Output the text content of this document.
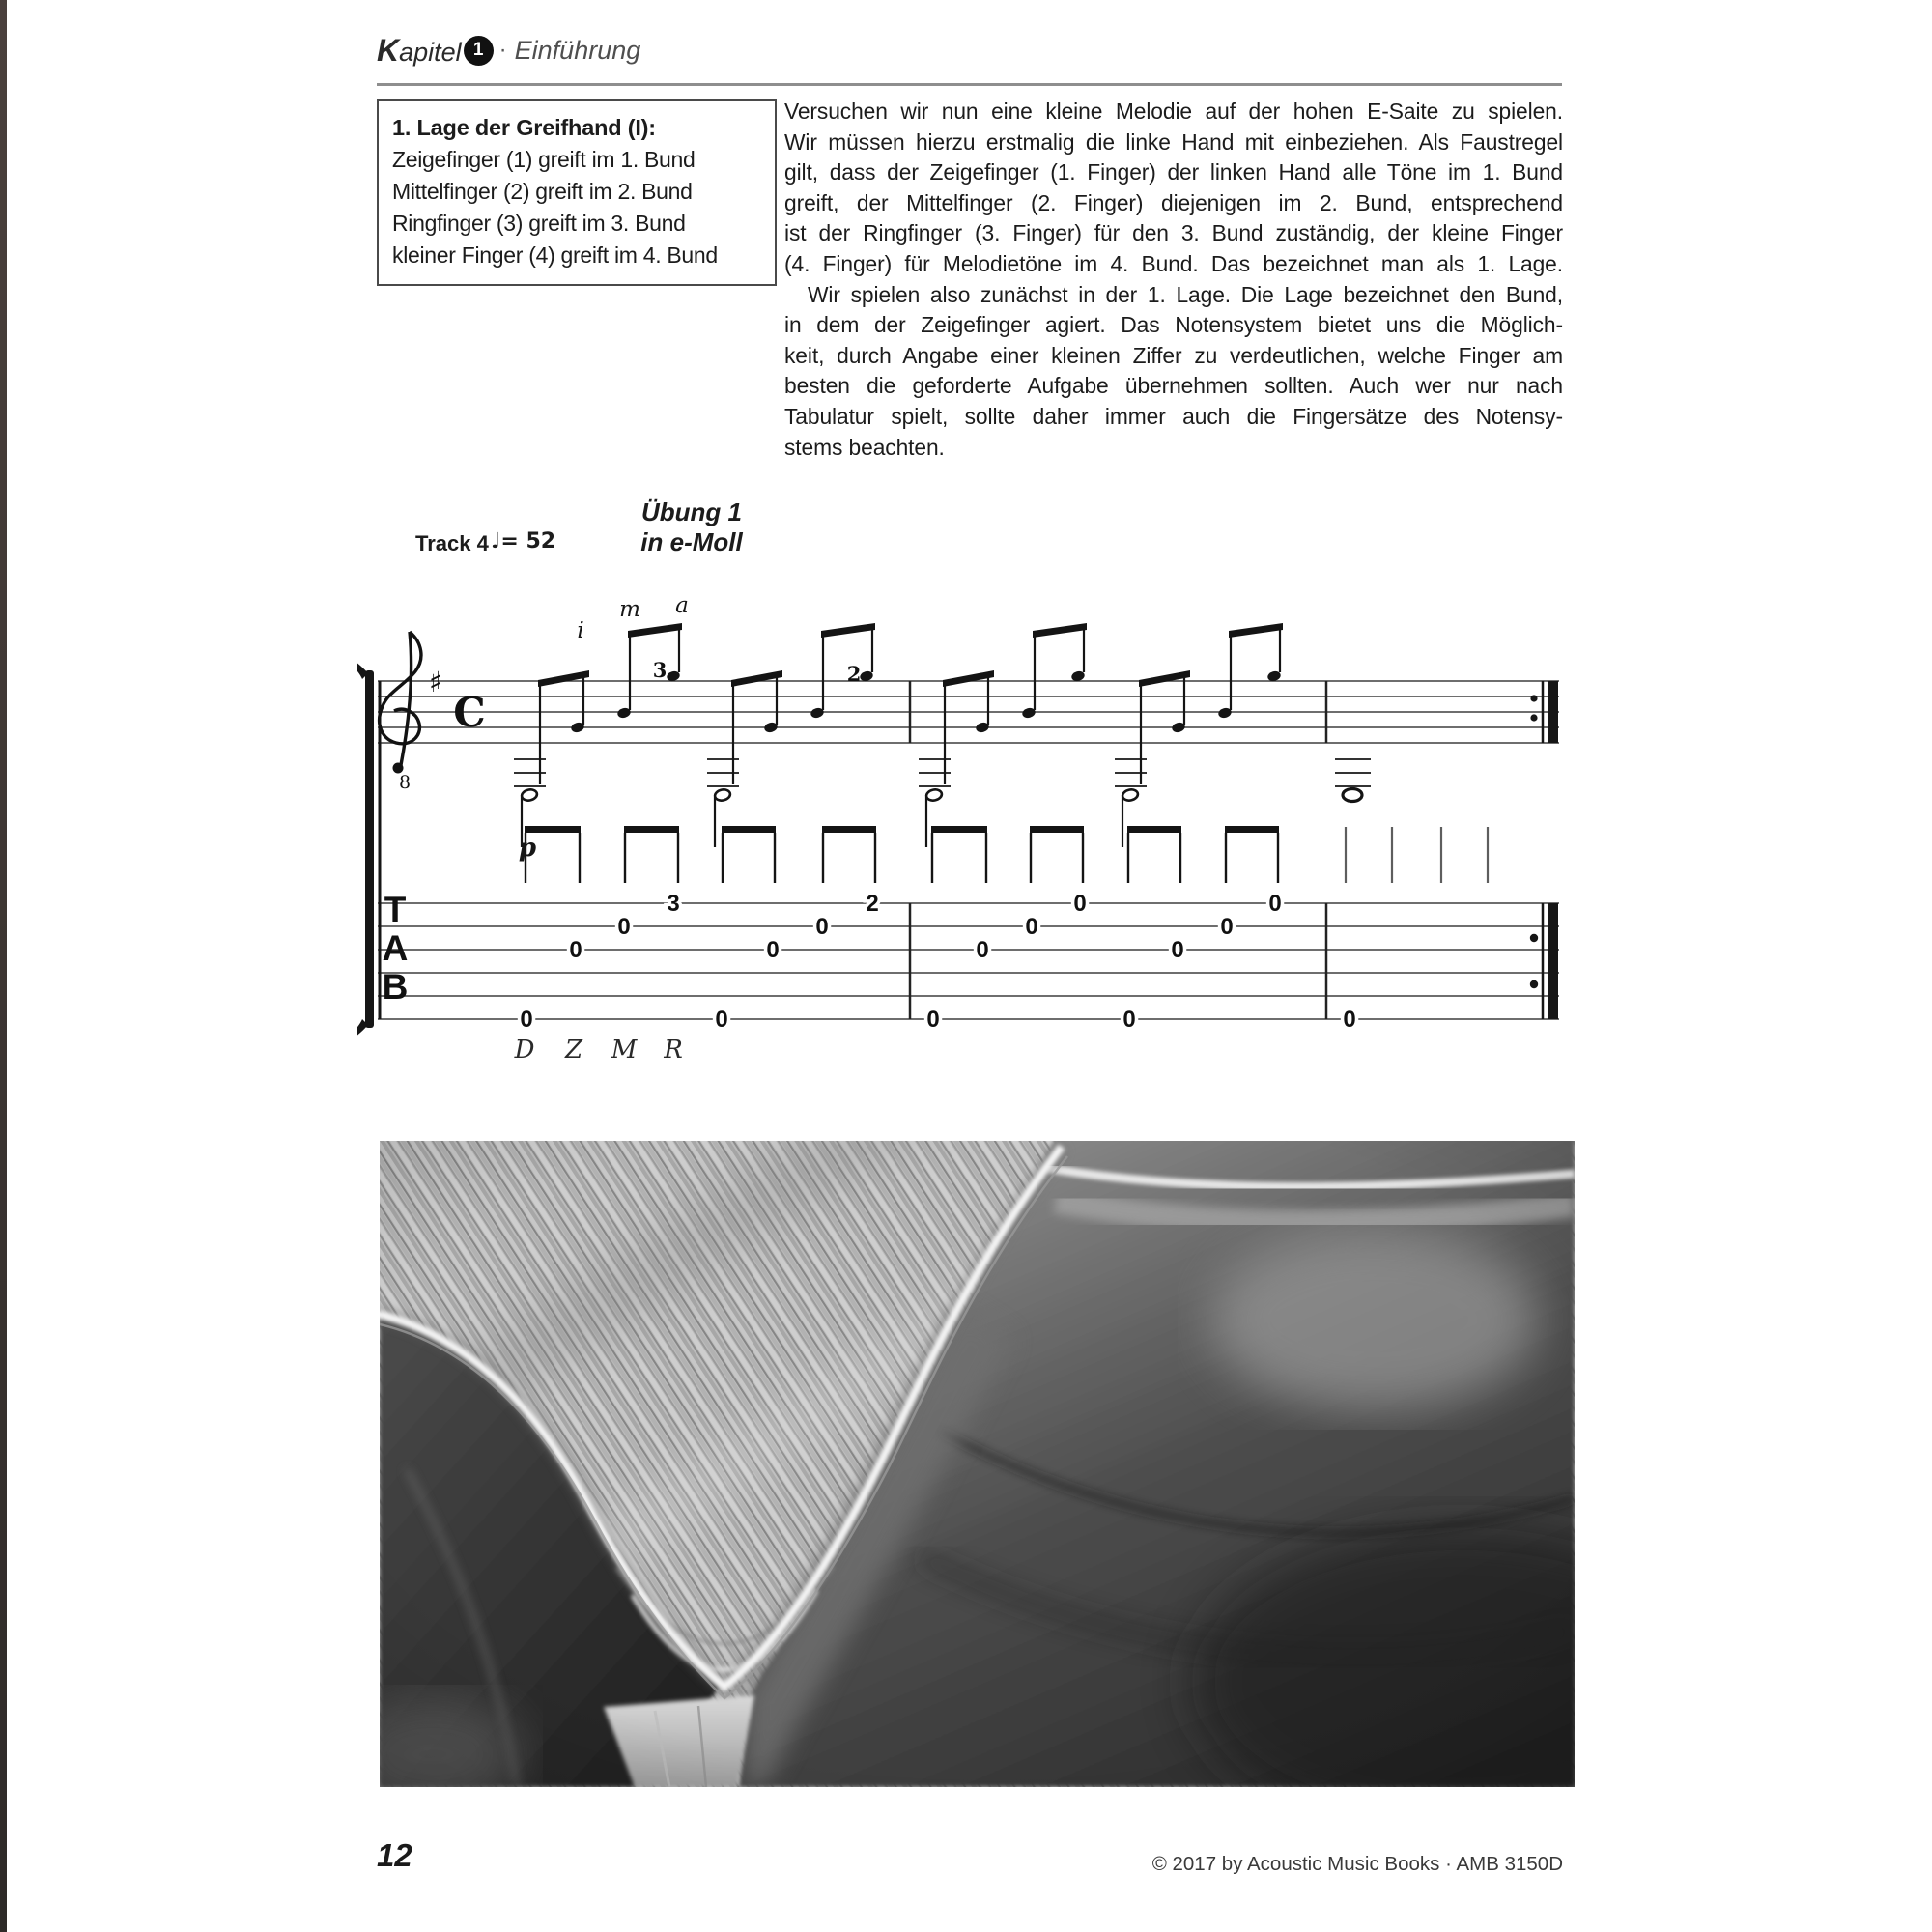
Kapitel 1 · Einführung
1. Lage der Greifhand (I):
Zeigefinger (1) greift im 1. Bund
Mittelfinger (2) greift im 2. Bund
Ringfinger (3) greift im 3. Bund
kleiner Finger (4) greift im 4. Bund
Versuchen wir nun eine kleine Melodie auf der hohen E-Saite zu spielen.
Wir müssen hierzu erstmalig die linke Hand mit einbeziehen. Als Faustregel
gilt, dass der Zeigefinger (1. Finger) der linken Hand alle Töne im 1. Bund
greift, der Mittelfinger (2. Finger) diejenigen im 2. Bund, entsprechend
ist der Ringfinger (3. Finger) für den 3. Bund zuständig, der kleine Finger
(4. Finger) für Melodietöne im 4. Bund. Das bezeichnet man als 1. Lage.
Wir spielen also zunächst in der 1. Lage. Die Lage bezeichnet den Bund,
in dem der Zeigefinger agiert. Das Notensystem bietet uns die Möglich-
keit, durch Angabe einer kleinen Ziffer zu verdeutlichen, welche Finger am
besten die geforderte Aufgabe übernehmen sollten. Auch wer nur nach
Tabulatur spielt, sollte daher immer auch die Fingersätze des Notensy-
stems beachten.
Track 4 ♩= 52
Übung 1
in e-Moll
0
0
0
3
0
0
0
2
0
0
0
0
0
0
0
0
0
8
♯
C
i
m a
3	2
p
T
A
B
D Z M R
12	© 2017 by Acoustic Music Books · AMB 3150D
